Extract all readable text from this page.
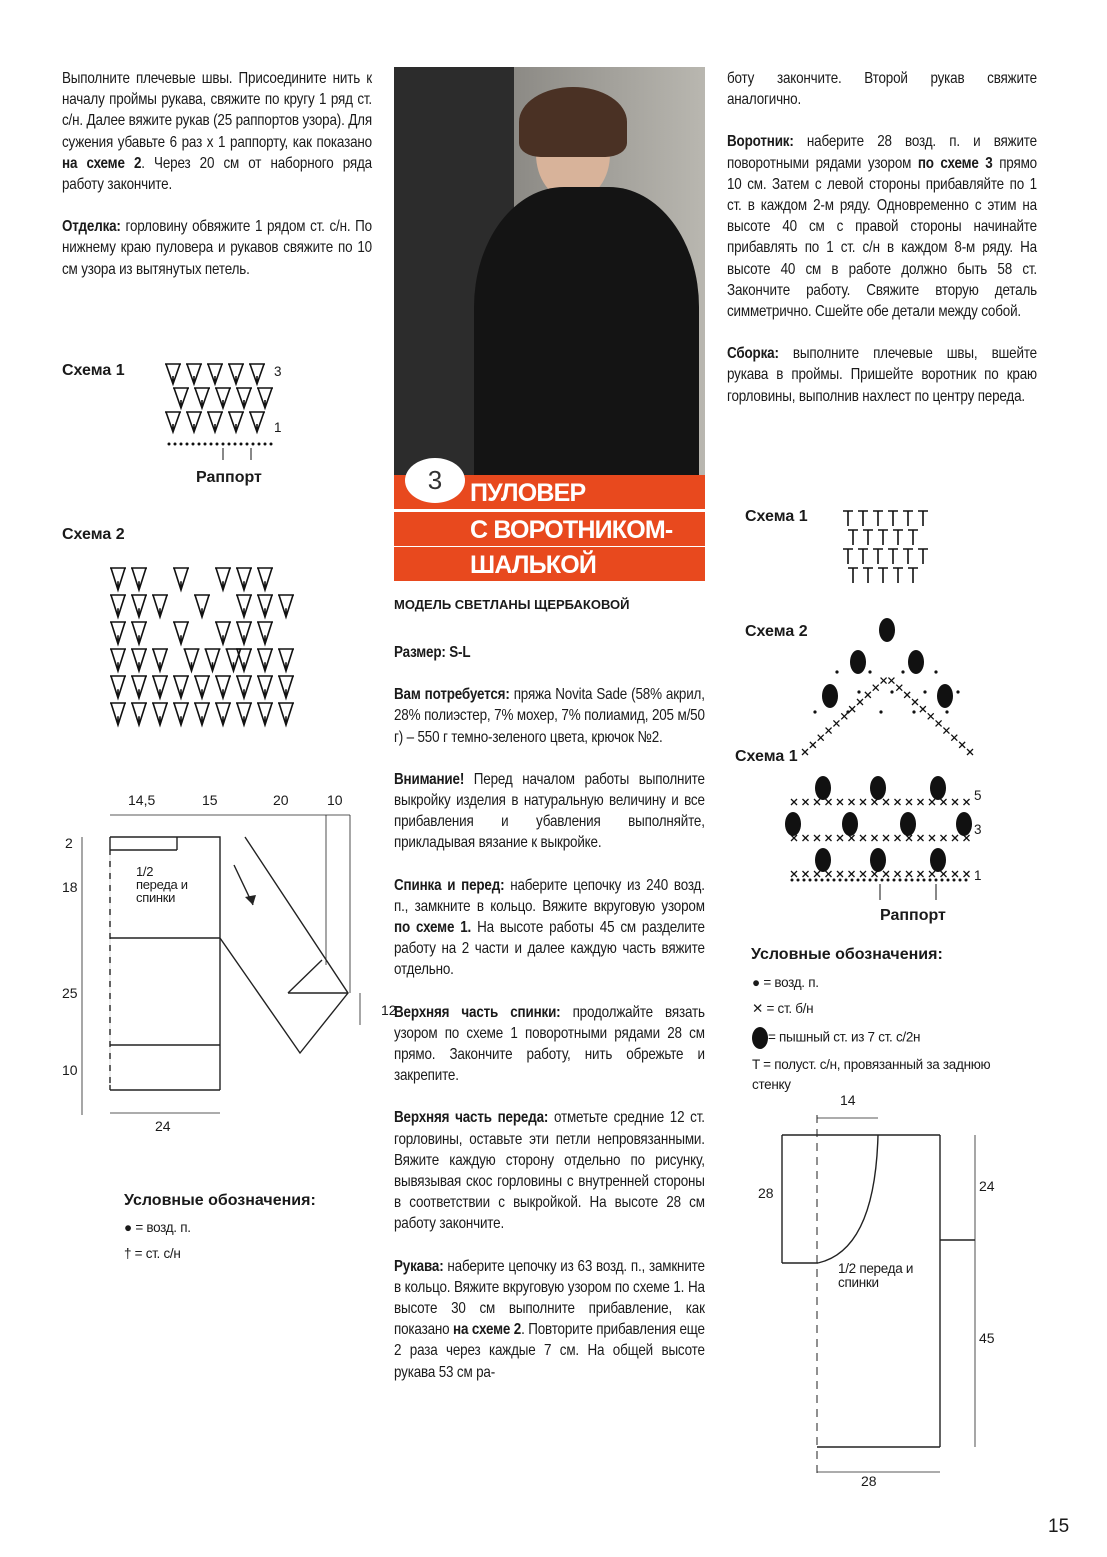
Выполните плечевые швы. Присоедините нить к началу проймы рукава, свяжите по кругу 1 ряд ст. с/н. Далее вяжите рукав (25 раппортов узора). Для сужения убавьте 6 раз х 1 раппорту, как показано на схеме 2. Через 20 см от наборного ряда работу закончите.

Отделка: горловину обвяжите 1 рядом ст. с/н. По нижнему краю пуловера и рукавов свяжите по 10 см узора из вытянутых петель.

Схема 1	3
1
Раппорт
Схема 2
14,5	15	20	10
2
18
25
10
24
12
1/2 переда и спинки
Условные обозначения:
● = возд. п.
† = ст. с/н
ПУЛОВЕР
С ВОРОТНИКОМ-
ШАЛЬКОЙ
3
МОДЕЛЬ СВЕТЛАНЫ ЩЕРБАКОВОЙ

Размер: S-L

Вам потребуется: пряжа Novita Sade (58% акрил, 28% полиэстер, 7% мохер, 7% полиамид, 205 м/50 г) – 550 г темно-зеленого цвета, крючок №2.

Внимание! Перед началом работы выполните выкройку изделия в натуральную величину и все прибавления и убавления выполняйте, прикладывая вязание к выкройке.

Спинка и перед: наберите цепочку из 240 возд. п., замкните в кольцо. Вяжите вкруговую узором по схеме 1. На высоте работы 45 см разделите работу на 2 части и далее каждую часть вяжите отдельно.

Верхняя часть спинки: продолжайте вязать узором по схеме 1 поворотными рядами 28 см прямо. Закончите работу, нить обрежьте и закрепите.

Верхняя часть переда: отметьте средние 12 ст. горловины, оставьте эти петли непровязанными. Вяжите каждую сторону отдельно по рисунку, вывязывая скос горловины с внутренней стороны в соответствии с выкройкой. На высоте 28 см работу закончите.

Рукава: наберите цепочку из 63 возд. п., замкните в кольцо. Вяжите вкруговую узором по схеме 1. На высоте 30 см выполните прибавление, как показано на схеме 2. Повторите прибавления еще 2 раза через каждые 7 см. На общей высоте рукава 53 см ра-

боту закончите. Второй рукав свяжите аналогично.

Воротник: наберите 28 возд. п. и вяжите поворотными рядами узором по схеме 3 прямо 10 см. Затем с левой стороны прибавляйте по 1 ст. в каждом 2-м ряду. Одновременно с этим на высоте 40 см с правой стороны начинайте прибавлять по 1 ст. с/н в каждом 8-м ряду. На высоте 40 см в работе должно быть 58 ст. Закончите работу. Свяжите вторую деталь симметрично. Сшейте обе детали между собой.

Сборка: выполните плечевые швы, вшейте рукава в проймы. Пришейте воротник по краю горловины, выполнив нахлест по центру переда.

Схема 1
Схема 2
Схема 1
5
3
1
Раппорт
Условные обозначения:
● = возд. п.
✕ = ст. б/н
= пышный ст. из 7 ст. с/2н
T = полуст. с/н, провязанный за заднюю стенку
14
28	24
45
28
1/2 переда и спинки
15
